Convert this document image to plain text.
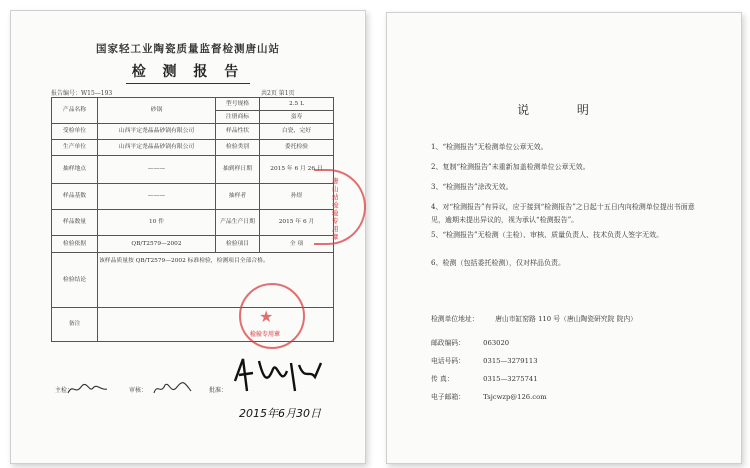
国家轻工业陶瓷质量监督检测唐山站
检 测 报 告
报告编号：W15—193	共2页 第1页
产品名称	砂锅	型号规格	2.5 L
		注册商标	蛮寿
受检单位	山西平定尧晶晶砂锅有限公司	样品性状	白瓷，完好
生产单位	山西平定尧晶晶砂锅有限公司	检验类别	委托检验
抽样地点	———	抽到样日期	2015 年 6 月 26 日
样品基数	———	抽样者	孙煜
样品数量	10 件	产品生产日期	2015 年 6 月
检验依据	QB/T2579—2002	检验项目	全 项
检验结论	该样品质量按 QB/T2579—2002 标准检验，检测项目全部合格。		
备注			
主检：	审核：	批准：
2015年6月30日
唐山站检验专用章
★
检验专用章
说 明
1、“检测报告”无检测单位公章无效。
2、复制“检测报告”未重新加盖检测单位公章无效。
3、“检测报告”涂改无效。
4、对“检测报告”有异议，应于接到“检测报告”之日起十五日内向检测单位提出书面意见，逾期未提出异议的，视为承认“检测报告”。
5、“检测报告”无检测（主检）、审核、质量负责人、技术负责人签字无效。
6、检测（包括委托检测），仅对样品负责。
检测单位地址： 唐山市缸窑路 110 号（唐山陶瓷研究院 院内）
邮政编码：	063020
电话号码：	0315—3279113
传 真：	0315—3275741
电子邮箱：	Tsjcwzp@126.com
